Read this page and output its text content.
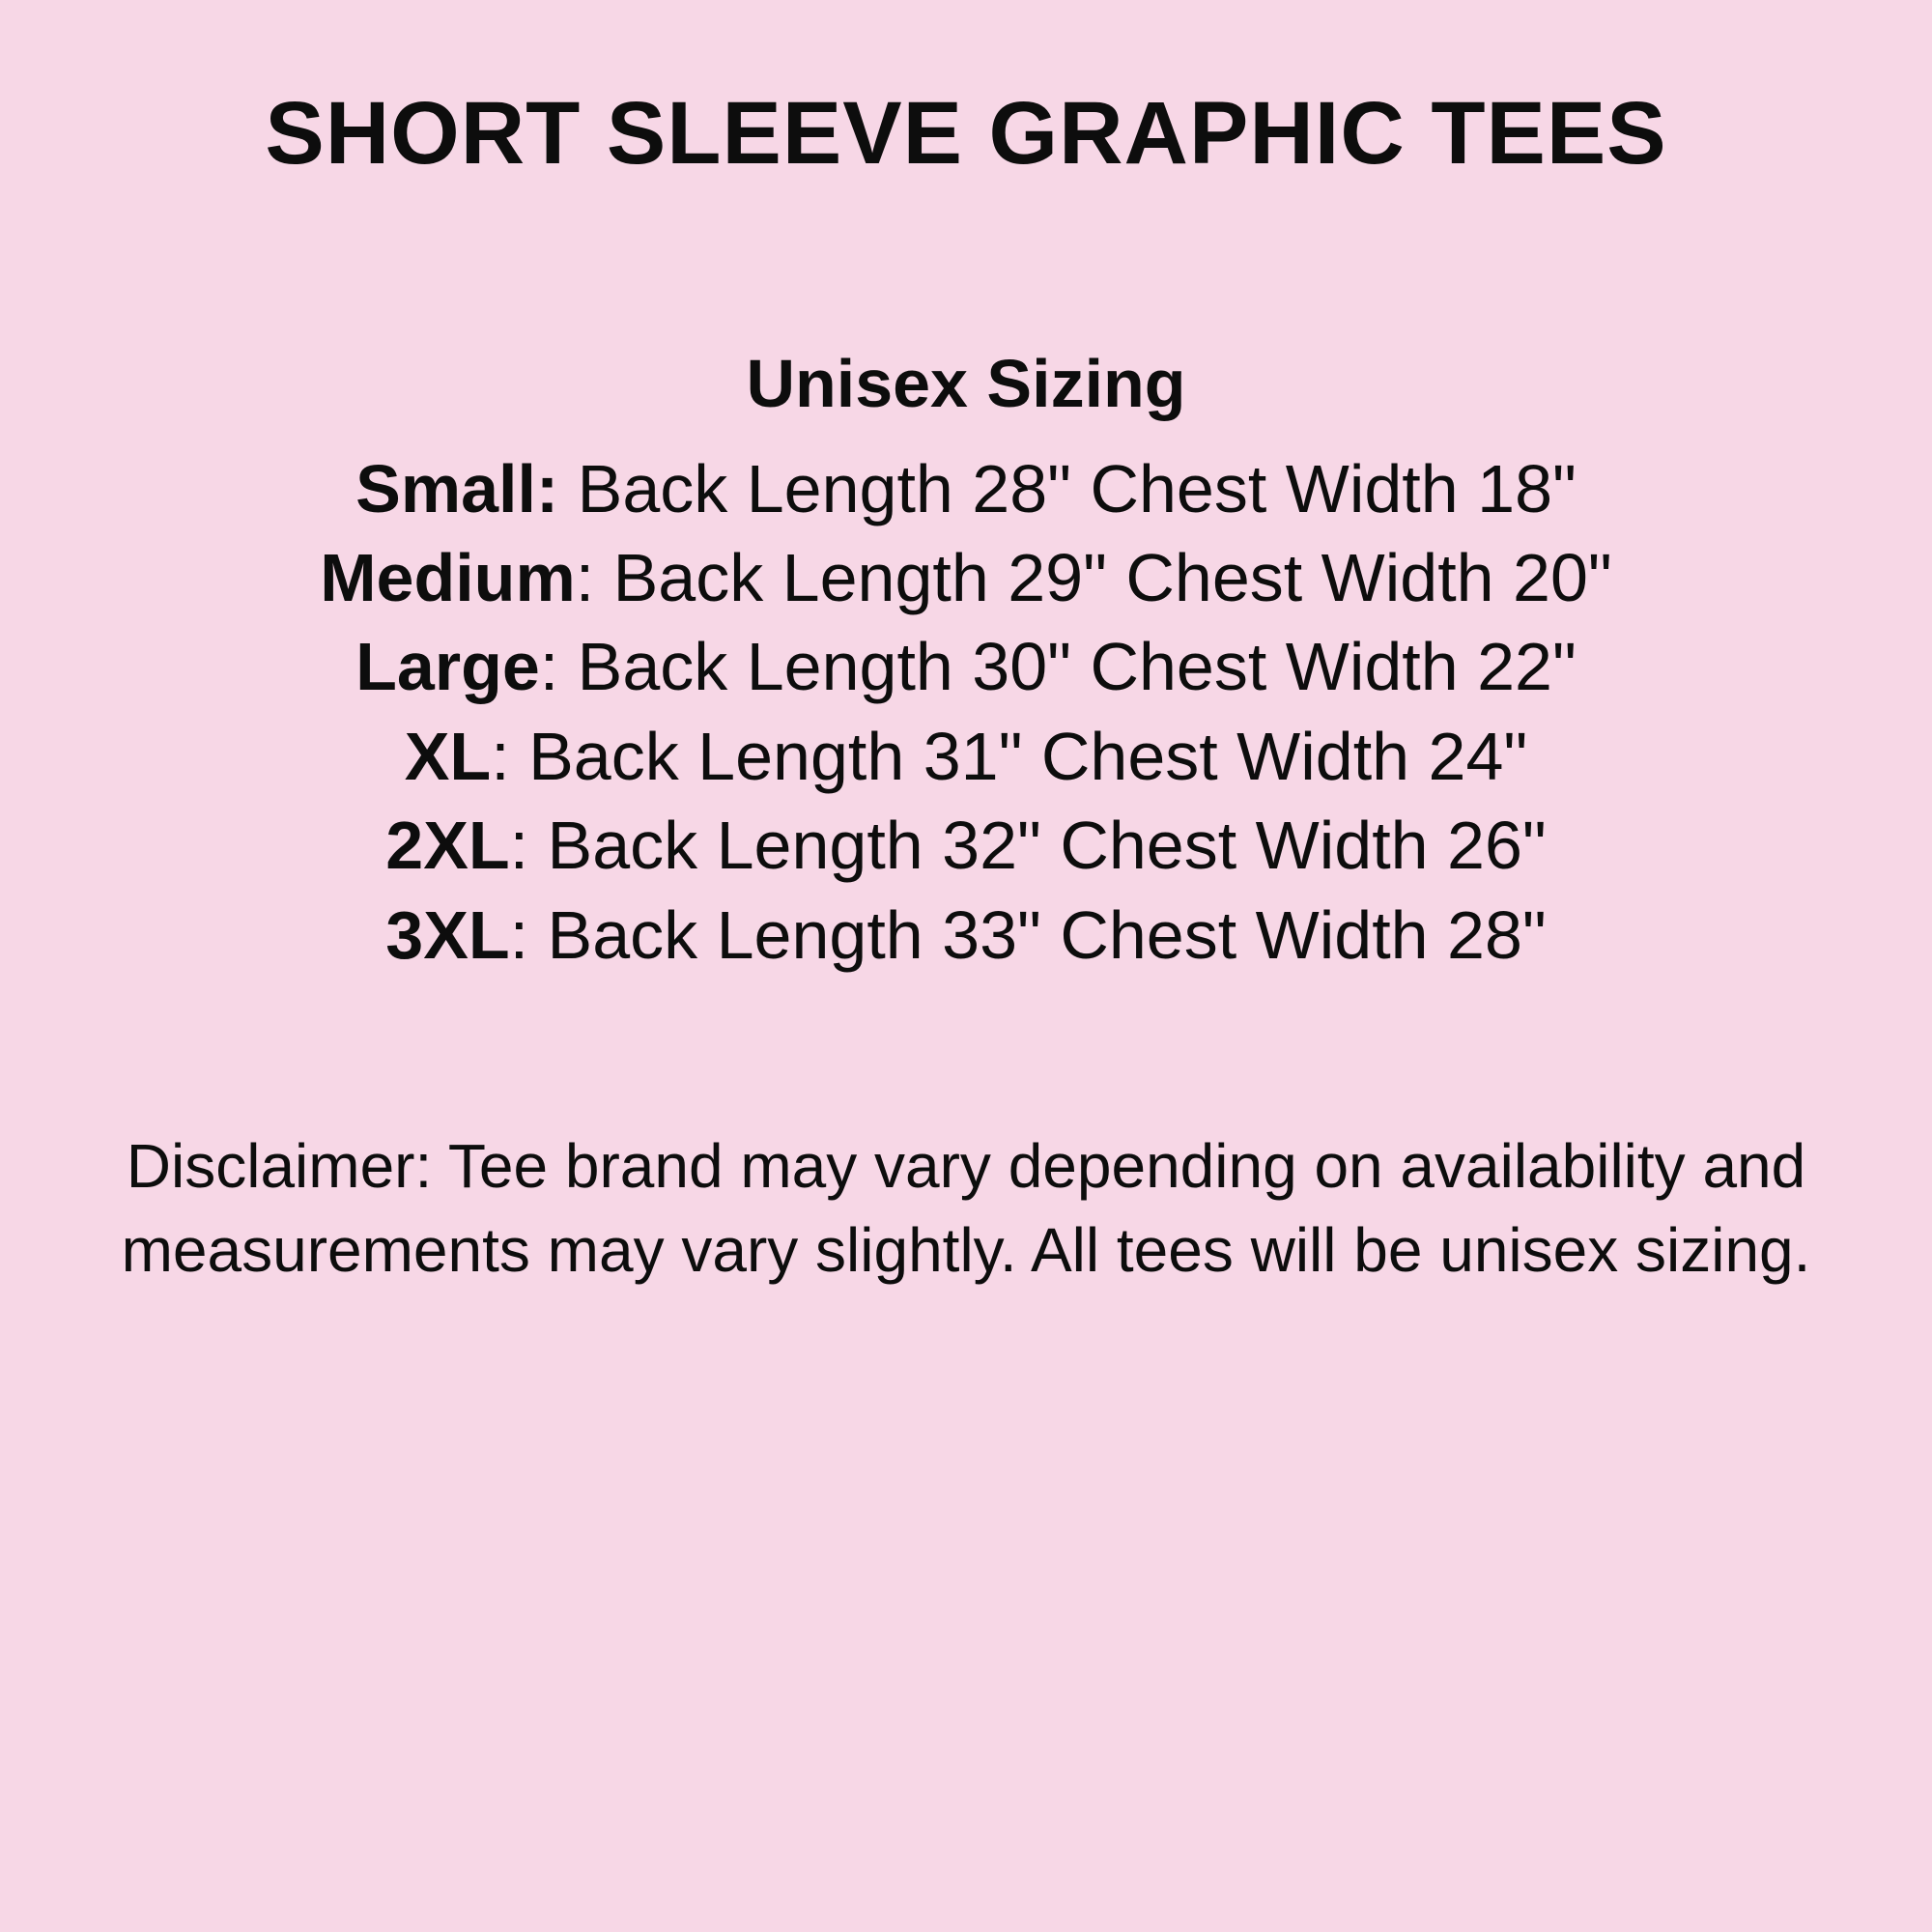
SHORT SLEEVE GRAPHIC TEES
Unisex Sizing
Small: Back Length 28" Chest Width 18"
Medium: Back Length 29" Chest Width 20"
Large: Back Length 30" Chest Width 22"
XL: Back Length 31" Chest Width 24"
2XL: Back Length 32" Chest Width 26"
3XL: Back Length 33" Chest Width 28"

Disclaimer: Tee brand may vary depending on availability and measurements may vary slightly. All tees will be unisex sizing.
